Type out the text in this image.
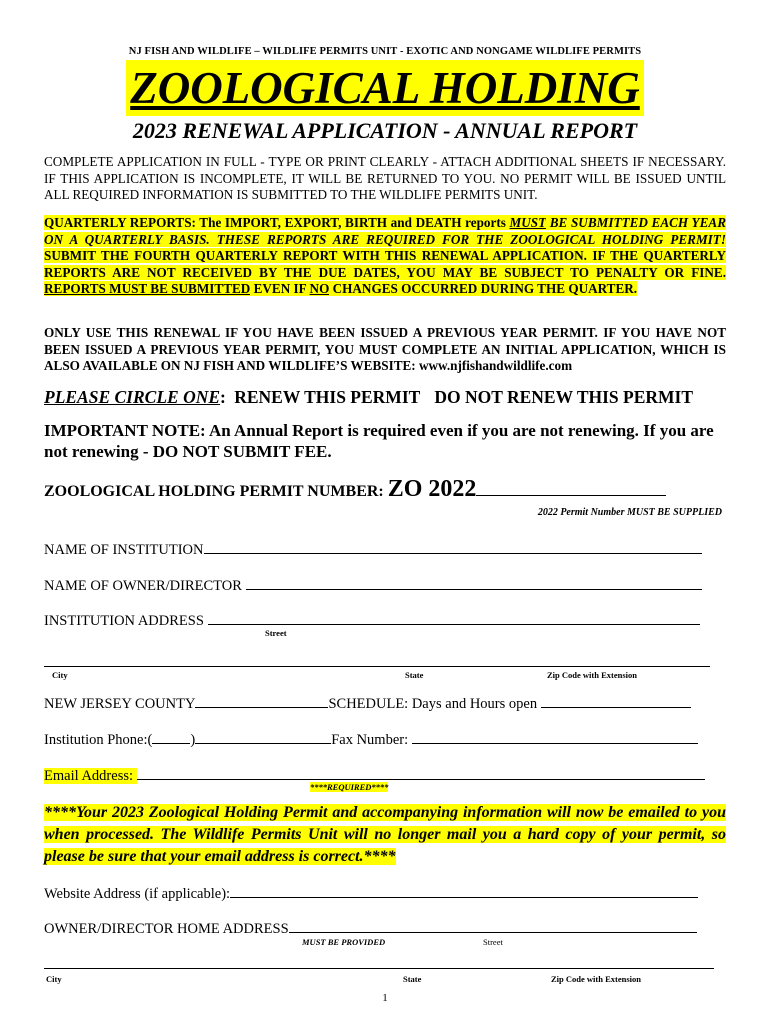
NJ FISH AND WILDLIFE – WILDLIFE PERMITS UNIT - EXOTIC AND NONGAME WILDLIFE PERMITS
ZOOLOGICAL HOLDING
2023 RENEWAL APPLICATION - ANNUAL REPORT
COMPLETE APPLICATION IN FULL - TYPE OR PRINT CLEARLY - ATTACH ADDITIONAL SHEETS IF NECESSARY. IF THIS APPLICATION IS INCOMPLETE, IT WILL BE RETURNED TO YOU. NO PERMIT WILL BE ISSUED UNTIL ALL REQUIRED INFORMATION IS SUBMITTED TO THE WILDLIFE PERMITS UNIT.
QUARTERLY REPORTS: The IMPORT, EXPORT, BIRTH and DEATH reports MUST BE SUBMITTED EACH YEAR ON A QUARTERLY BASIS. THESE REPORTS ARE REQUIRED FOR THE ZOOLOGICAL HOLDING PERMIT! SUBMIT THE FOURTH QUARTERLY REPORT WITH THIS RENEWAL APPLICATION. IF THE QUARTERLY REPORTS ARE NOT RECEIVED BY THE DUE DATES, YOU MAY BE SUBJECT TO PENALTY OR FINE. REPORTS MUST BE SUBMITTED EVEN IF NO CHANGES OCCURRED DURING THE QUARTER.
ONLY USE THIS RENEWAL IF YOU HAVE BEEN ISSUED A PREVIOUS YEAR PERMIT. IF YOU HAVE NOT BEEN ISSUED A PREVIOUS YEAR PERMIT, YOU MUST COMPLETE AN INITIAL APPLICATION, WHICH IS ALSO AVAILABLE ON NJ FISH AND WILDLIFE’S WEBSITE: www.njfishandwildlife.com
PLEASE CIRCLE ONE: RENEW THIS PERMIT DO NOT RENEW THIS PERMIT
IMPORTANT NOTE: An Annual Report is required even if you are not renewing. If you are not renewing - DO NOT SUBMIT FEE.
ZOOLOGICAL HOLDING PERMIT NUMBER: ZO 2022
2022 Permit Number MUST BE SUPPLIED
NAME OF INSTITUTION
NAME OF OWNER/DIRECTOR
INSTITUTION ADDRESS
Street
City	State	Zip Code with Extension
NEW JERSEY COUNTY	SCHEDULE: Days and Hours open
Institution Phone:(	)	Fax Number:
Email Address:
****REQUIRED****
****Your 2023 Zoological Holding Permit and accompanying information will now be emailed to you when processed. The Wildlife Permits Unit will no longer mail you a hard copy of your permit, so please be sure that your email address is correct.****
Website Address (if applicable):
OWNER/DIRECTOR HOME ADDRESS
MUST BE PROVIDED	Street
City	State	Zip Code with Extension
1
